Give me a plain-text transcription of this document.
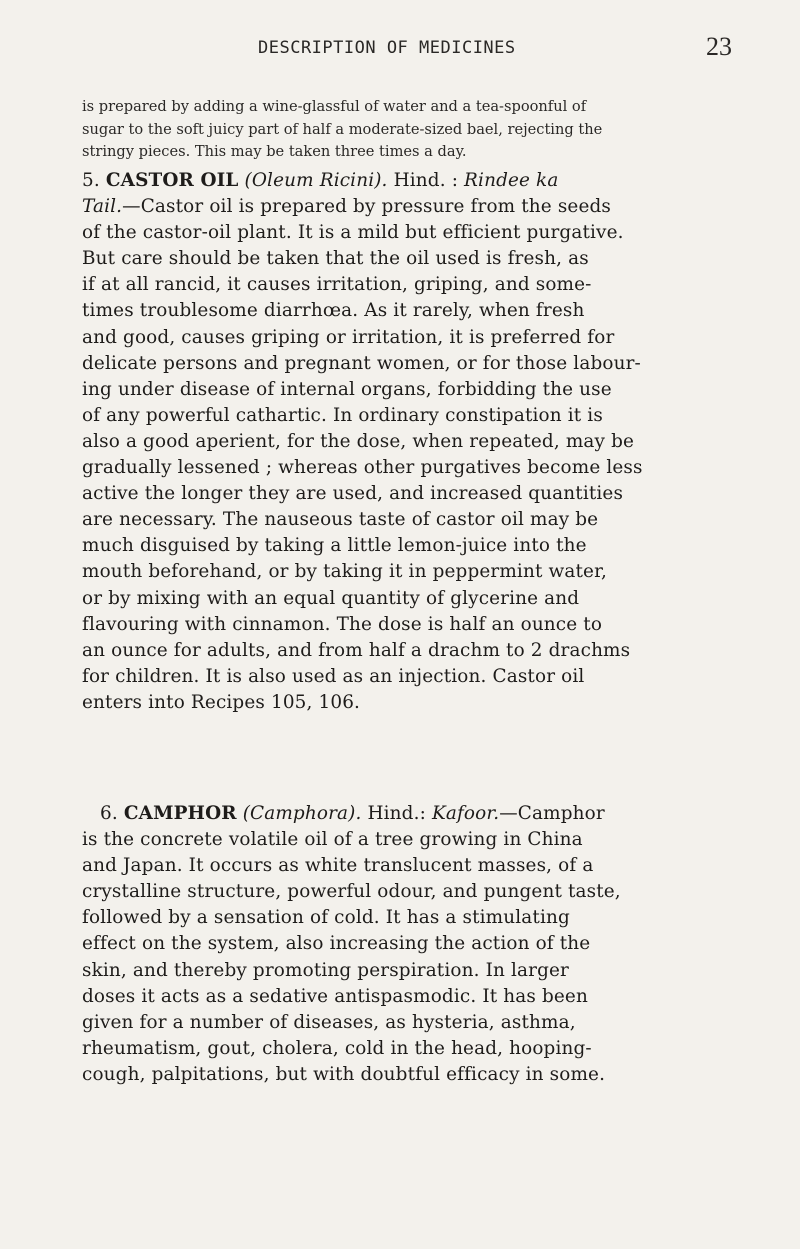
DESCRIPTION OF MEDICINES	23
is prepared by adding a wine-glassful of water and a tea-spoonful of
sugar to the soft juicy part of half a moderate-sized bael, rejecting the
stringy pieces. This may be taken three times a day.
5. CASTOR OIL (Oleum Ricini). Hind. : Rindee ka
Tail.—Castor oil is prepared by pressure from the seeds
of the castor-oil plant. It is a mild but efficient purgative.
But care should be taken that the oil used is fresh, as
if at all rancid, it causes irritation, griping, and some-
times troublesome diarrhœa. As it rarely, when fresh
and good, causes griping or irritation, it is preferred for
delicate persons and pregnant women, or for those labour-
ing under disease of internal organs, forbidding the use
of any powerful cathartic. In ordinary constipation it is
also a good aperient, for the dose, when repeated, may be
gradually lessened ; whereas other purgatives become less
active the longer they are used, and increased quantities
are necessary. The nauseous taste of castor oil may be
much disguised by taking a little lemon-juice into the
mouth beforehand, or by taking it in peppermint water,
or by mixing with an equal quantity of glycerine and
flavouring with cinnamon. The dose is half an ounce to
an ounce for adults, and from half a drachm to 2 drachms
for children. It is also used as an injection. Castor oil
enters into Recipes 105, 106.
6. CAMPHOR (Camphora). Hind.: Kafoor.—Camphor
is the concrete volatile oil of a tree growing in China
and Japan. It occurs as white translucent masses, of a
crystalline structure, powerful odour, and pungent taste,
followed by a sensation of cold. It has a stimulating
effect on the system, also increasing the action of the
skin, and thereby promoting perspiration. In larger
doses it acts as a sedative antispasmodic. It has been
given for a number of diseases, as hysteria, asthma,
rheumatism, gout, cholera, cold in the head, hooping-
cough, palpitations, but with doubtful efficacy in some.
